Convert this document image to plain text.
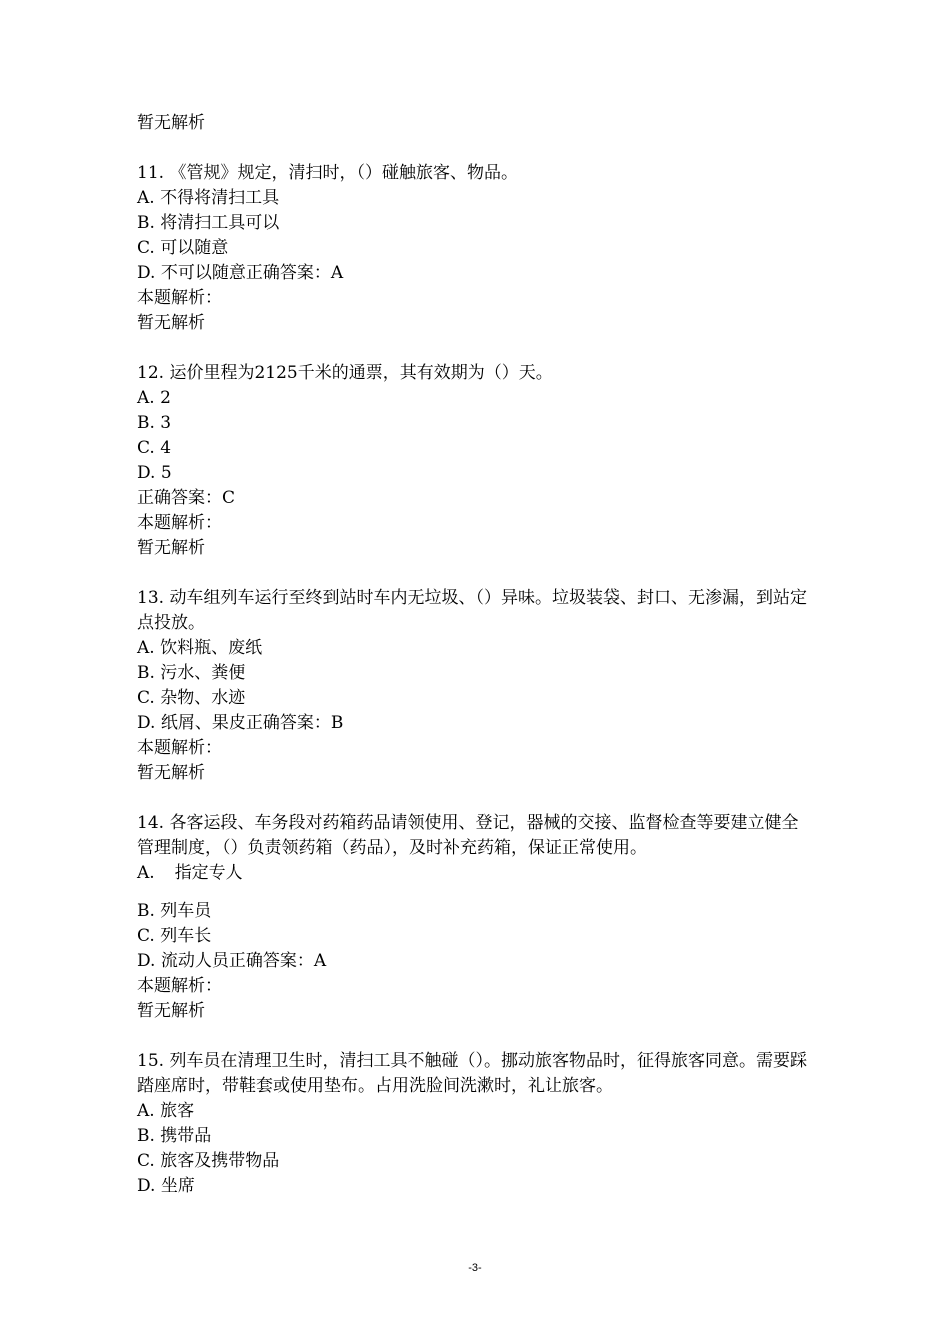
暂无解析
11. 《管规》规定，清扫时，（）碰触旅客、物品。
A. 不得将清扫工具
B. 将清扫工具可以
C. 可以随意
D. 不可以随意正确答案：A
本题解析：
暂无解析
12. 运价里程为2125千米的通票，其有效期为（）天。
A. 2
B. 3
C. 4
D. 5
正确答案：C
本题解析：
暂无解析
13. 动车组列车运行至终到站时车内无垃圾、（）异味。垃圾装袋、封口、无渗漏，到站定点投放。
A. 饮料瓶、废纸
B. 污水、粪便
C. 杂物、水迹
D. 纸屑、果皮正确答案：B
本题解析：
暂无解析
14. 各客运段、车务段对药箱药品请领使用、登记，器械的交接、监督检查等要建立健全管理制度，（）负责领药箱（药品），及时补充药箱，保证正常使用。
A. 指定专人
B. 列车员
C. 列车长
D. 流动人员正确答案：A
本题解析：
暂无解析
15. 列车员在清理卫生时，清扫工具不触碰（）。挪动旅客物品时，征得旅客同意。需要踩踏座席时，带鞋套或使用垫布。占用洗脸间洗漱时，礼让旅客。
A. 旅客
B. 携带品
C. 旅客及携带物品
D. 坐席
-3-
